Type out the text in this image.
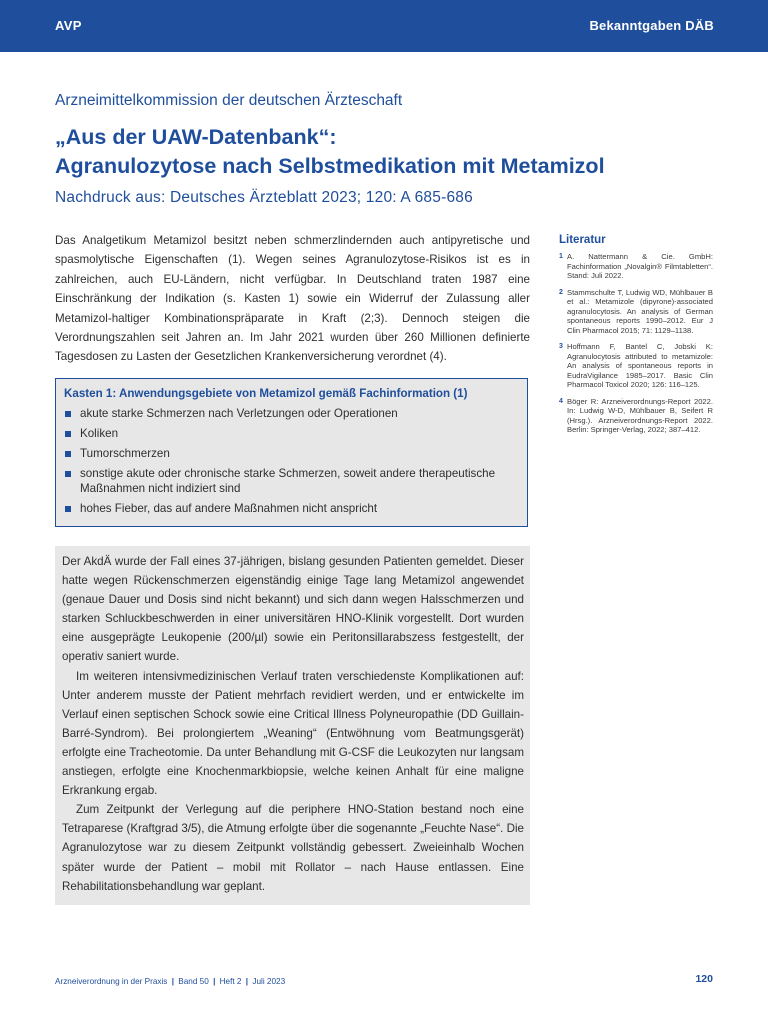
AVP	Bekanntgaben DÄB
Arzneimittelkommission der deutschen Ärzteschaft
„Aus der UAW-Datenbank“:
Agranulozytose nach Selbstmedikation mit Metamizol
Nachdruck aus: Deutsches Ärzteblatt 2023; 120: A 685-686
Das Analgetikum Metamizol besitzt neben schmerzlindernden auch antipyretische und spasmolytische Eigenschaften (1). Wegen seines Agranulozytose-Risikos ist es in zahlreichen, auch EU-Ländern, nicht verfügbar. In Deutschland traten 1987 eine Einschränkung der Indikation (s. Kasten 1) sowie ein Widerruf der Zulassung aller Metamizol-haltiger Kombinationspräparate in Kraft (2;3). Dennoch steigen die Verordnungszahlen seit Jahren an. Im Jahr 2021 wurden über 260 Millionen definierte Tagesdosen zu Lasten der Gesetzlichen Krankenversicherung verordnet (4).
Kasten 1: Anwendungsgebiete von Metamizol gemäß Fachinformation (1)
akute starke Schmerzen nach Verletzungen oder Operationen
Koliken
Tumorschmerzen
sonstige akute oder chronische starke Schmerzen, soweit andere therapeutische Maßnahmen nicht indiziert sind
hohes Fieber, das auf andere Maßnahmen nicht anspricht

Der AkdÄ wurde der Fall eines 37-jährigen, bislang gesunden Patienten gemeldet. Dieser hatte wegen Rückenschmerzen eigenständig einige Tage lang Metamizol angewendet (genaue Dauer und Dosis sind nicht bekannt) und sich dann wegen Halsschmerzen und starken Schluckbeschwerden in einer universitären HNO-Klinik vorgestellt. Dort wurden eine ausgeprägte Leukopenie (200/µl) sowie ein Peritonsillarabszess festgestellt, der operativ saniert wurde.

Im weiteren intensivmedizinischen Verlauf traten verschiedenste Komplikationen auf: Unter anderem musste der Patient mehrfach revidiert werden, und er entwickelte im Verlauf einen septischen Schock sowie eine Critical Illness Polyneuropathie (DD Guillain-Barré-Syndrom). Bei prolongiertem „Weaning“ (Entwöhnung vom Beatmungsgerät) erfolgte eine Tracheotomie. Da unter Behandlung mit G-CSF die Leukozyten nur langsam anstiegen, erfolgte eine Knochenmarkbiopsie, welche keinen Anhalt für eine maligne Erkrankung ergab.

Zum Zeitpunkt der Verlegung auf die periphere HNO-Station bestand noch eine Tetraparese (Kraftgrad 3/5), die Atmung erfolgte über die sogenannte „Feuchte Nase“. Die Agranulozytose war zu diesem Zeitpunkt vollständig gebessert. Zweieinhalb Wochen später wurde der Patient – mobil mit Rollator – nach Hause entlassen. Eine Rehabilitationsbehandlung war geplant.

Literatur
1 A. Nattermann & Cie. GmbH: Fachinformation „Novalgin® Filmtabletten“. Stand: Juli 2022.
2 Stammschulte T, Ludwig WD, Mühlbauer B et al.: Metamizole (dipyrone)-associated agranulocytosis. An analysis of German spontaneous reports 1990–2012. Eur J Clin Pharmacol 2015; 71: 1129–1138.
3 Hoffmann F, Bantel C, Jobski K: Agranulocytosis attributed to metamizole: An analysis of spontaneous reports in EudraVigilance 1985–2017. Basic Clin Pharmacol Toxicol 2020; 126: 116–125.
4 Böger R: Arzneiverordnungs-Report 2022. In: Ludwig W-D, Mühlbauer B, Seifert R (Hrsg.). Arzneiverordnungs-Report 2022. Berlin: Springer-Verlag, 2022; 387–412.
Arzneiverordnung in der Praxis | Band 50 | Heft 2 | Juli 2023	120
